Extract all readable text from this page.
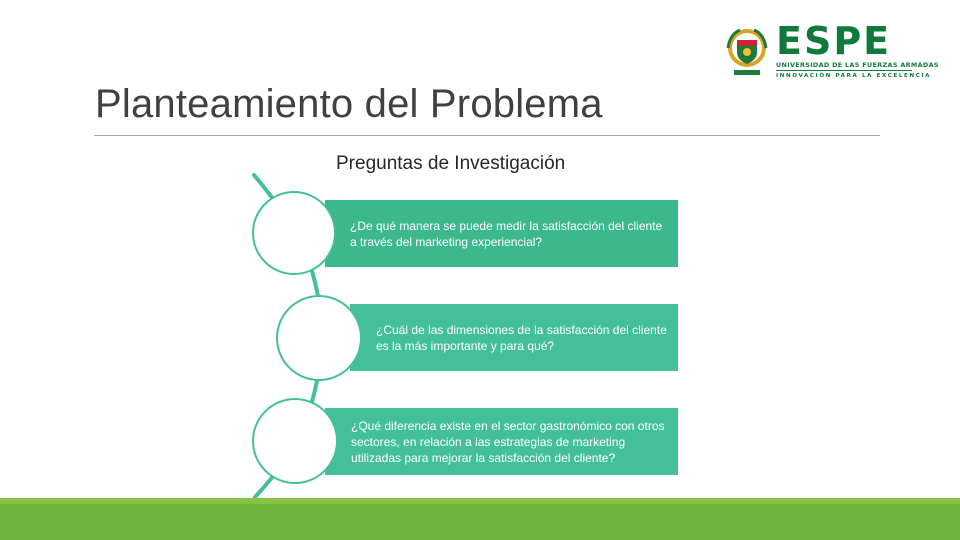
Planteamiento del Problema
ESPE
UNIVERSIDAD DE LAS FUERZAS ARMADAS
INNOVACIÓN PARA LA EXCELENCIA
Preguntas de Investigación
¿De qué manera se puede medir la satisfacción del cliente a través del marketing experiencial?
¿Cuál de las dimensiones de la satisfacción del cliente es la más importante y para qué?
¿Qué diferencia existe en el sector gastronómico con otros sectores, en relación a las estrategias de marketing utilizadas para mejorar la satisfacción del cliente?
